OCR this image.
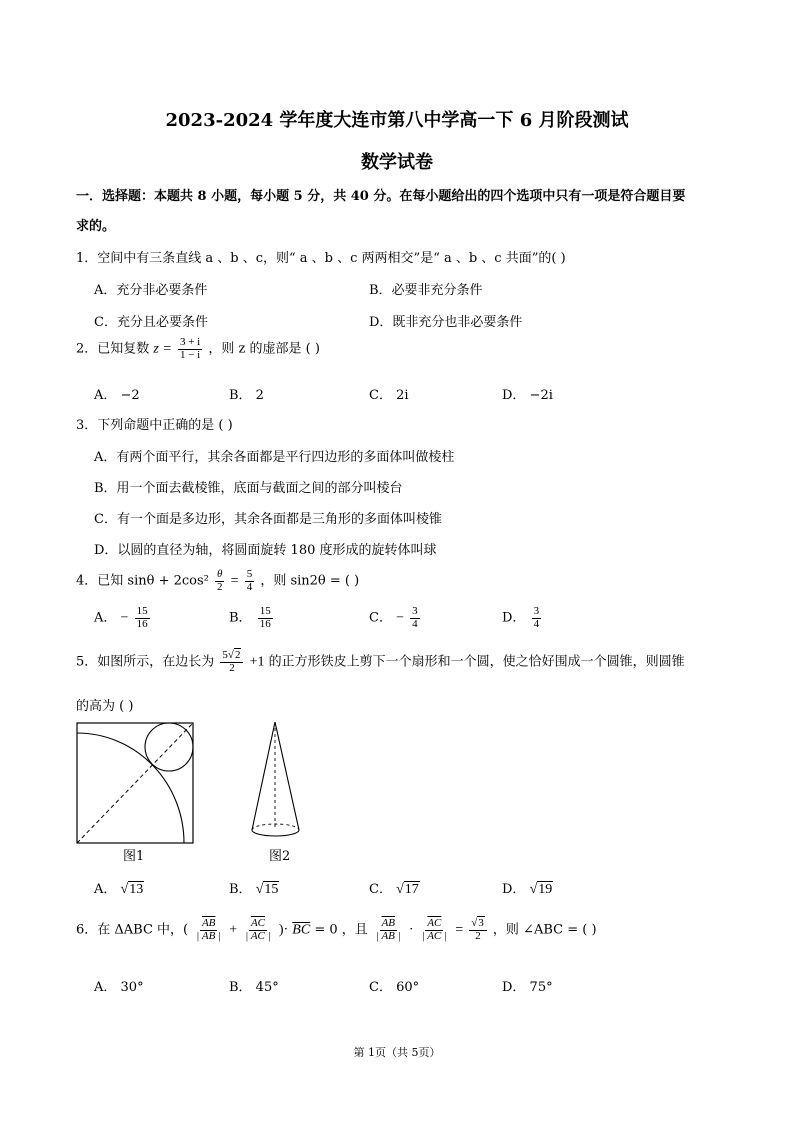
2023-2024 学年度大连市第八中学高一下 6 月阶段测试
数学试卷
一．选择题：本题共 8 小题，每小题 5 分，共 40 分。在每小题给出的四个选项中只有一项是符合题目要
求的。
1．空间中有三条直线 a 、b 、c，则“ a 、b 、c 两两相交”是“ a 、b 、c 共面”的( )
A．充分非必要条件	B．必要非充分条件
C．充分且必要条件	D．既非充分也非必要条件
2．已知复数 $z = \frac{3 + i}{1 - i}$ ，则 z 的虚部是 ( )
A． −2	B． 2	C． 2i	D． −2i
3．下列命题中正确的是 ( )
A．有两个面平行，其余各面都是平行四边形的多面体叫做棱柱
B．用一个面去截棱锥，底面与截面之间的部分叫棱台
C．有一个面是多边形，其余各面都是三角形的多面体叫棱锥
D．以圆的直径为轴，将圆面旋转 180 度形成的旋转体叫球
4．已知 $\sin\theta + 2\cos^2 \frac{\theta}{2} = \frac{5}{4}$ ，则 sin2θ = ( )
A． − $\frac{15}{16}$	B． $\frac{15}{16}$	C． − $\frac{3}{4}$	D． $\frac{3}{4}$
5．如图所示，在边长为 $\frac{5√2}{2} +1$ 的正方形铁皮上剪下一个扇形和一个圆，使之恰好围成一个圆锥，则圆锥
的高为 ( )
图1	图2
A． √13	B． √15	C． √17	D． √19
6．在 ΔABC 中，( $\frac{\overline{AB}}{| AB |} + \frac{\overline{AC}}{| AC |}$ )· $\overline{BC} = 0$ ，且 $\frac{\overline{AB}}{| AB |} \cdot \frac{\overline{AC}}{| AC |} = \frac{√3}{2}$ ，则 ∠ABC = ( )
A． 30°	B． 45°	C． 60°	D． 75°
第 1页（共 5页）
